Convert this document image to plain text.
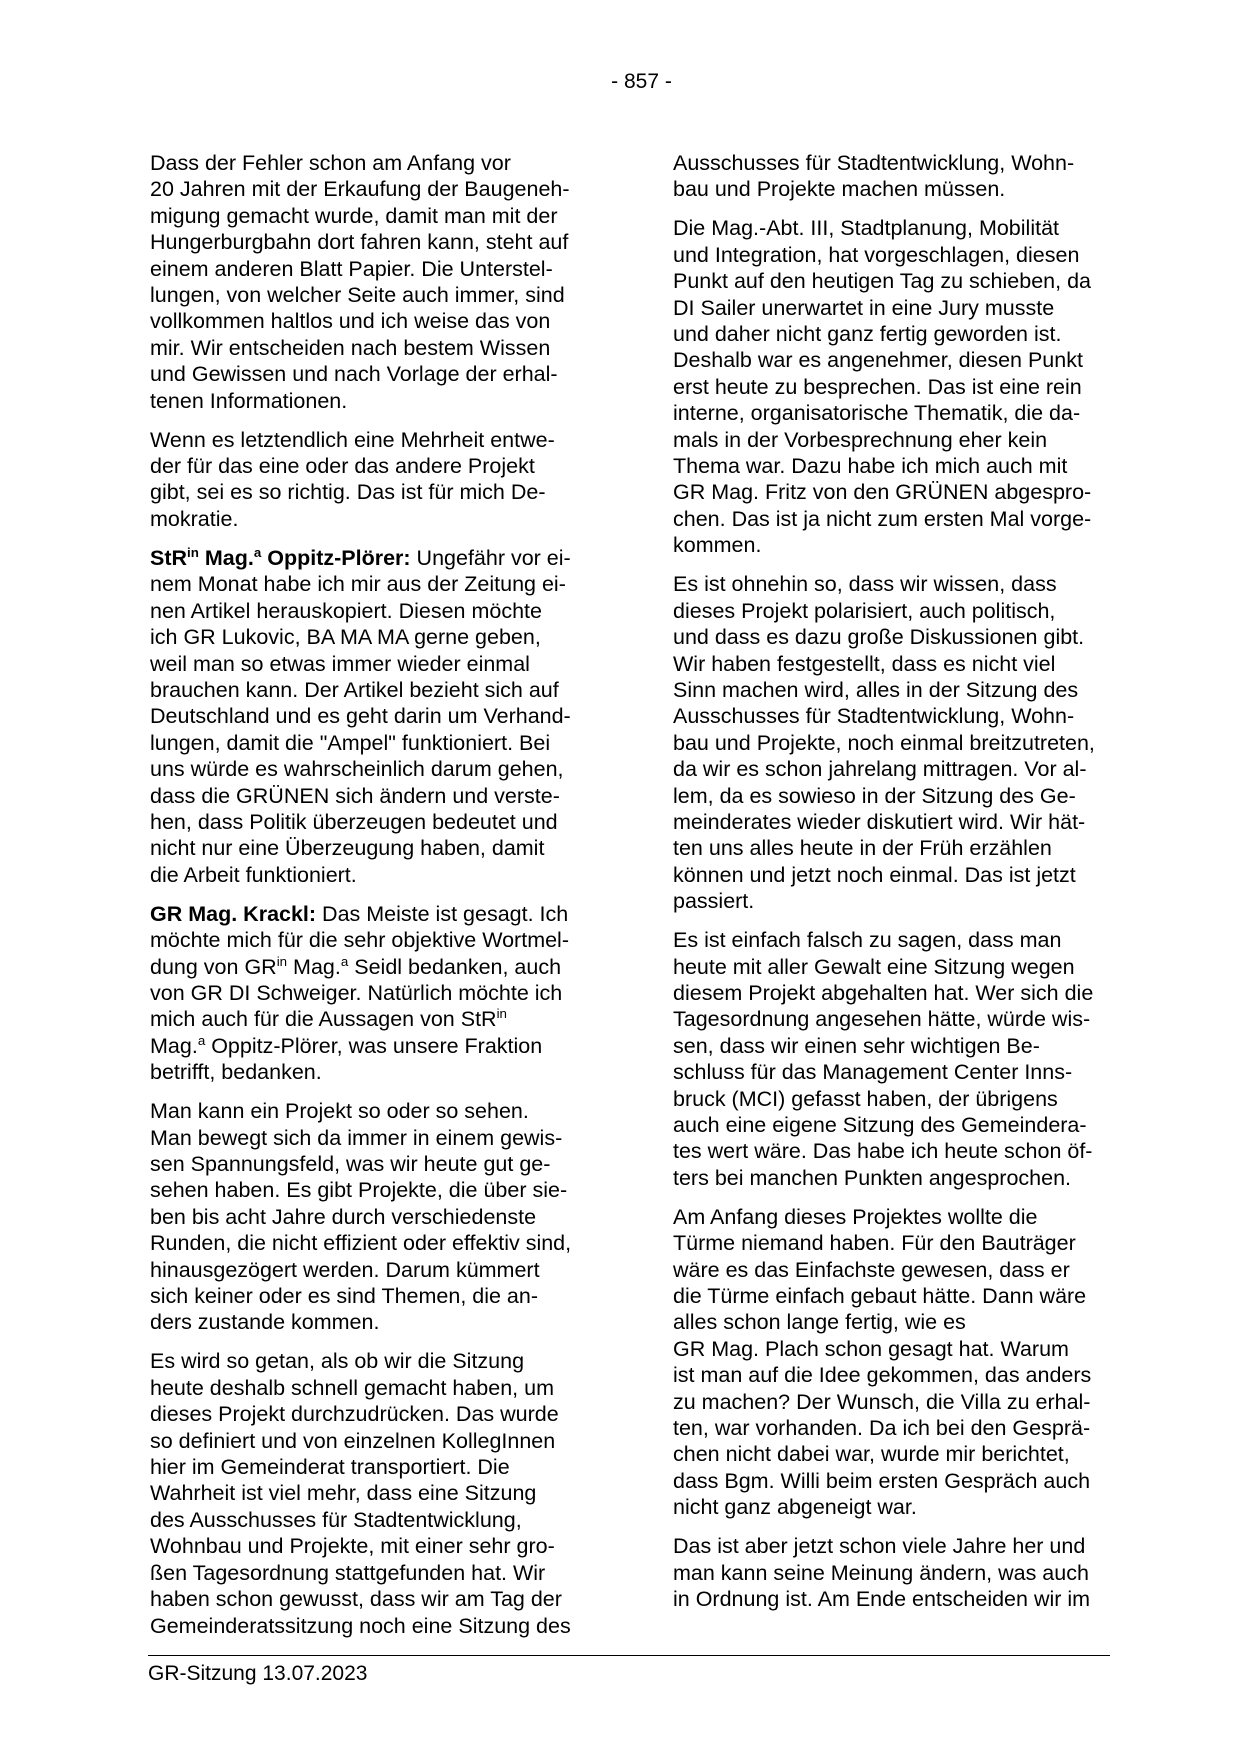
- 857 -
Dass der Fehler schon am Anfang vor
20 Jahren mit der Erkaufung der Baugeneh-
migung gemacht wurde, damit man mit der
Hungerburgbahn dort fahren kann, steht auf
einem anderen Blatt Papier. Die Unterstel-
lungen, von welcher Seite auch immer, sind
vollkommen haltlos und ich weise das von
mir. Wir entscheiden nach bestem Wissen
und Gewissen und nach Vorlage der erhal-
tenen Informationen.
Wenn es letztendlich eine Mehrheit entwe-
der für das eine oder das andere Projekt
gibt, sei es so richtig. Das ist für mich De-
mokratie.
StR$^{in}$ Mag.$^a$ Oppitz-Plörer: Ungefähr vor ei-
nem Monat habe ich mir aus der Zeitung ei-
nen Artikel herauskopiert. Diesen möchte
ich GR Lukovic, BA MA MA gerne geben,
weil man so etwas immer wieder einmal
brauchen kann. Der Artikel bezieht sich auf
Deutschland und es geht darin um Verhand-
lungen, damit die "Ampel" funktioniert. Bei
uns würde es wahrscheinlich darum gehen,
dass die GRÜNEN sich ändern und verste-
hen, dass Politik überzeugen bedeutet und
nicht nur eine Überzeugung haben, damit
die Arbeit funktioniert.
GR Mag. Krackl: Das Meiste ist gesagt. Ich
möchte mich für die sehr objektive Wortmel-
dung von $GR^{in}$ Mag.$^a$ Seidl bedanken, auch
von GR DI Schweiger. Natürlich möchte ich
mich auch für die Aussagen von StR$^{in}$
Mag.$^a$ Oppitz-Plörer, was unsere Fraktion
betrifft, bedanken.
Man kann ein Projekt so oder so sehen.
Man bewegt sich da immer in einem gewis-
sen Spannungsfeld, was wir heute gut ge-
sehen haben. Es gibt Projekte, die über sie-
ben bis acht Jahre durch verschiedenste
Runden, die nicht effizient oder effektiv sind,
hinausgezögert werden. Darum kümmert
sich keiner oder es sind Themen, die an-
ders zustande kommen.
Es wird so getan, als ob wir die Sitzung
heute deshalb schnell gemacht haben, um
dieses Projekt durchzudrücken. Das wurde
so definiert und von einzelnen KollegInnen
hier im Gemeinderat transportiert. Die
Wahrheit ist viel mehr, dass eine Sitzung
des Ausschusses für Stadtentwicklung,
Wohnbau und Projekte, mit einer sehr gro-
ßen Tagesordnung stattgefunden hat. Wir
haben schon gewusst, dass wir am Tag der
Gemeinderatssitzung noch eine Sitzung des
Ausschusses für Stadtentwicklung, Wohn-
bau und Projekte machen müssen.
Die Mag.-Abt. III, Stadtplanung, Mobilität
und Integration, hat vorgeschlagen, diesen
Punkt auf den heutigen Tag zu schieben, da
DI Sailer unerwartet in eine Jury musste
und daher nicht ganz fertig geworden ist.
Deshalb war es angenehmer, diesen Punkt
erst heute zu besprechen. Das ist eine rein
interne, organisatorische Thematik, die da-
mals in der Vorbesprechnung eher kein
Thema war. Dazu habe ich mich auch mit
GR Mag. Fritz von den GRÜNEN abgespro-
chen. Das ist ja nicht zum ersten Mal vorge-
kommen.
Es ist ohnehin so, dass wir wissen, dass
dieses Projekt polarisiert, auch politisch,
und dass es dazu große Diskussionen gibt.
Wir haben festgestellt, dass es nicht viel
Sinn machen wird, alles in der Sitzung des
Ausschusses für Stadtentwicklung, Wohn-
bau und Projekte, noch einmal breitzutreten,
da wir es schon jahrelang mittragen. Vor al-
lem, da es sowieso in der Sitzung des Ge-
meinderates wieder diskutiert wird. Wir hät-
ten uns alles heute in der Früh erzählen
können und jetzt noch einmal. Das ist jetzt
passiert.
Es ist einfach falsch zu sagen, dass man
heute mit aller Gewalt eine Sitzung wegen
diesem Projekt abgehalten hat. Wer sich die
Tagesordnung angesehen hätte, würde wis-
sen, dass wir einen sehr wichtigen Be-
schluss für das Management Center Inns-
bruck (MCI) gefasst haben, der übrigens
auch eine eigene Sitzung des Gemeindera-
tes wert wäre. Das habe ich heute schon öf-
ters bei manchen Punkten angesprochen.
Am Anfang dieses Projektes wollte die
Türme niemand haben. Für den Bauträger
wäre es das Einfachste gewesen, dass er
die Türme einfach gebaut hätte. Dann wäre
alles schon lange fertig, wie es
GR Mag. Plach schon gesagt hat. Warum
ist man auf die Idee gekommen, das anders
zu machen? Der Wunsch, die Villa zu erhal-
ten, war vorhanden. Da ich bei den Gesprä-
chen nicht dabei war, wurde mir berichtet,
dass Bgm. Willi beim ersten Gespräch auch
nicht ganz abgeneigt war.
Das ist aber jetzt schon viele Jahre her und
man kann seine Meinung ändern, was auch
in Ordnung ist. Am Ende entscheiden wir im
GR-Sitzung 13.07.2023
